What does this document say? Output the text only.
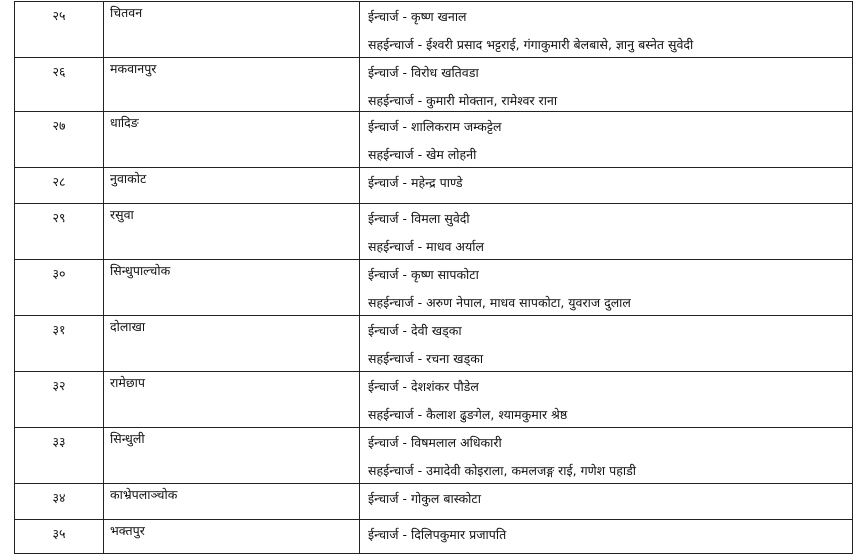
२५	चितवन	ईन्चार्ज - कृष्ण खनाल
सहईन्चार्ज - ईश्वरी प्रसाद भट्टराई, गंगाकुमारी बेलबासे, ज्ञानु बस्नेत सुवेदी

२६	मकवानपुर	ईन्चार्ज - विरोध खतिवडा
सहईन्चार्ज - कुमारी मोक्तान, रामेश्वर राना

२७	धादिङ	ईन्चार्ज - शालिकराम जम्कट्टेल
सहईन्चार्ज - खेम लोहनी

२८	नुवाकोट	ईन्चार्ज - महेन्द्र पाण्डे

२९	रसुवा	ईन्चार्ज - विमला सुवेदी
सहईन्चार्ज - माधव अर्याल

३०	सिन्धुपाल्चोक	ईन्चार्ज - कृष्ण सापकोटा
सहईन्चार्ज - अरुण नेपाल, माधव सापकोटा, युवराज दुलाल

३१	दोलाखा	ईन्चार्ज - देवी खड्का
सहईन्चार्ज - रचना खड्का

३२	रामेछाप	ईन्चार्ज - देशशंकर पौडेल
सहईन्चार्ज - कैलाश ढुङगेल, श्यामकुमार श्रेष्ठ

३३	सिन्धुली	ईन्चार्ज - विषमलाल अधिकारी
सहईन्चार्ज - उमादेवी कोइराला, कमलजङ्ग राई, गणेश पहाडी

३४	काभ्रेपलाञ्चोक	ईन्चार्ज - गोकुल बास्कोटा

३५	भक्तपुर	ईन्चार्ज - दिलिपकुमार प्रजापति
